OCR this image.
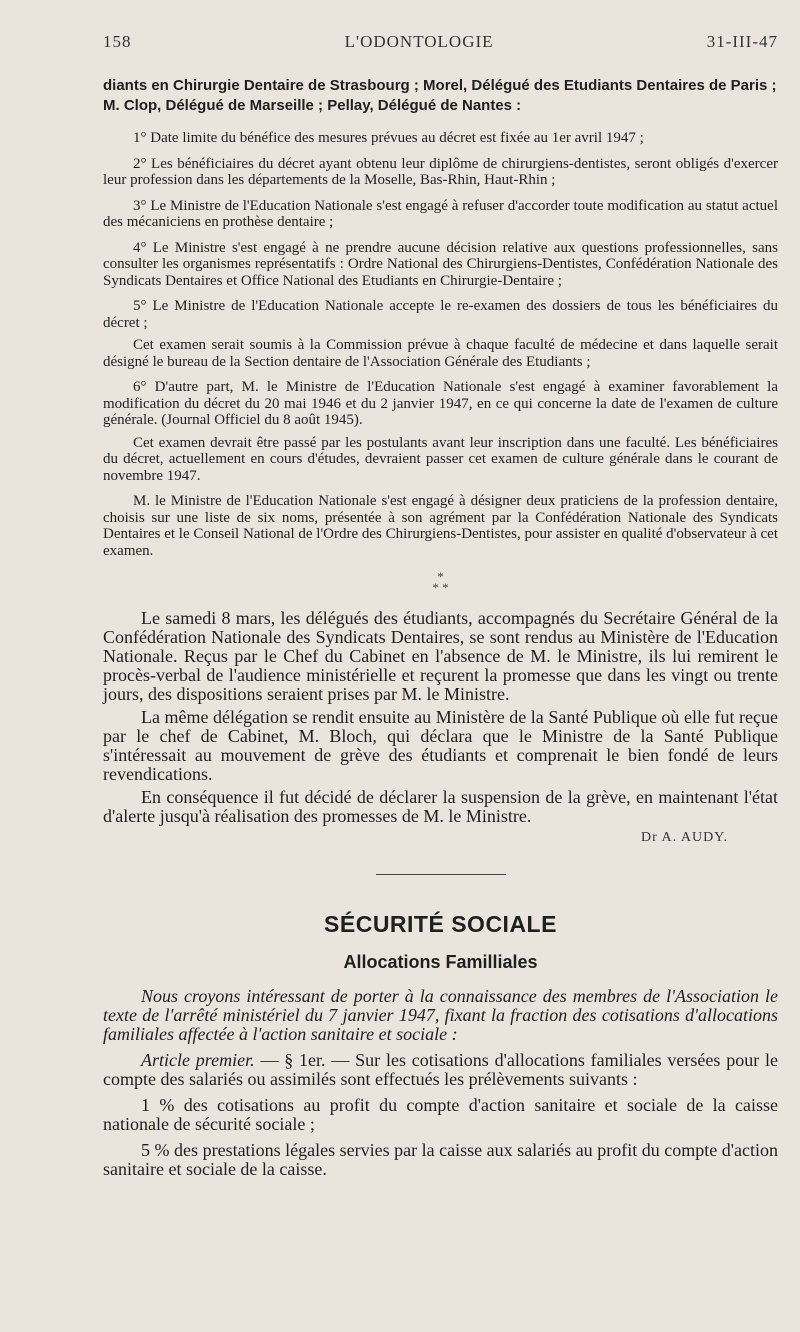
158	L'ODONTOLOGIE	31-III-47

diants en Chirurgie Dentaire de Strasbourg ; Morel, Délégué des Etudiants Dentaires de Paris ; M. Clop, Délégué de Marseille ; Pellay, Délégué de Nantes :

1° Date limite du bénéfice des mesures prévues au décret est fixée au 1er avril 1947 ;

2° Les bénéficiaires du décret ayant obtenu leur diplôme de chirurgiens-dentistes, seront obligés d'exercer leur profession dans les départements de la Moselle, Bas-Rhin, Haut-Rhin ;

3° Le Ministre de l'Education Nationale s'est engagé à refuser d'accorder toute modification au statut actuel des mécaniciens en prothèse dentaire ;

4° Le Ministre s'est engagé à ne prendre aucune décision relative aux questions professionnelles, sans consulter les organismes représentatifs : Ordre National des Chirurgiens-Dentistes, Confédération Nationale des Syndicats Dentaires et Office National des Etudiants en Chirurgie-Dentaire ;

5° Le Ministre de l'Education Nationale accepte le re-examen des dossiers de tous les bénéficiaires du décret ;

Cet examen serait soumis à la Commission prévue à chaque faculté de médecine et dans laquelle serait désigné le bureau de la Section dentaire de l'Association Générale des Etudiants ;

6° D'autre part, M. le Ministre de l'Education Nationale s'est engagé à examiner favorablement la modification du décret du 20 mai 1946 et du 2 janvier 1947, en ce qui concerne la date de l'examen de culture générale. (Journal Officiel du 8 août 1945).

Cet examen devrait être passé par les postulants avant leur inscription dans une faculté. Les bénéficiaires du décret, actuellement en cours d'études, devraient passer cet examen de culture générale dans le courant de novembre 1947.

M. le Ministre de l'Education Nationale s'est engagé à désigner deux praticiens de la profession dentaire, choisis sur une liste de six noms, présentée à son agrément par la Confédération Nationale des Syndicats Dentaires et le Conseil National de l'Ordre des Chirurgiens-Dentistes, pour assister en qualité d'observateur à cet examen.

*
* *

Le samedi 8 mars, les délégués des étudiants, accompagnés du Secrétaire Général de la Confédération Nationale des Syndicats Dentaires, se sont rendus au Ministère de l'Education Nationale. Reçus par le Chef du Cabinet en l'absence de M. le Ministre, ils lui remirent le procès-verbal de l'audience ministérielle et reçurent la promesse que dans les vingt ou trente jours, des dispositions seraient prises par M. le Ministre.

La même délégation se rendit ensuite au Ministère de la Santé Publique où elle fut reçue par le chef de Cabinet, M. Bloch, qui déclara que le Ministre de la Santé Publique s'intéressait au mouvement de grève des étudiants et comprenait le bien fondé de leurs revendications.

En conséquence il fut décidé de déclarer la suspension de la grève, en maintenant l'état d'alerte jusqu'à réalisation des promesses de M. le Ministre.

Dr A. AUDY.
SÉCURITÉ SOCIALE
Allocations Familliales

Nous croyons intéressant de porter à la connaissance des membres de l'Association le texte de l'arrêté ministériel du 7 janvier 1947, fixant la fraction des cotisations d'allocations familiales affectée à l'action sanitaire et sociale :

Article premier. — § 1er. — Sur les cotisations d'allocations familiales versées pour le compte des salariés ou assimilés sont effectués les prélèvements suivants :

1 % des cotisations au profit du compte d'action sanitaire et sociale de la caisse nationale de sécurité sociale ;

5 % des prestations légales servies par la caisse aux salariés au profit du compte d'action sanitaire et sociale de la caisse.
